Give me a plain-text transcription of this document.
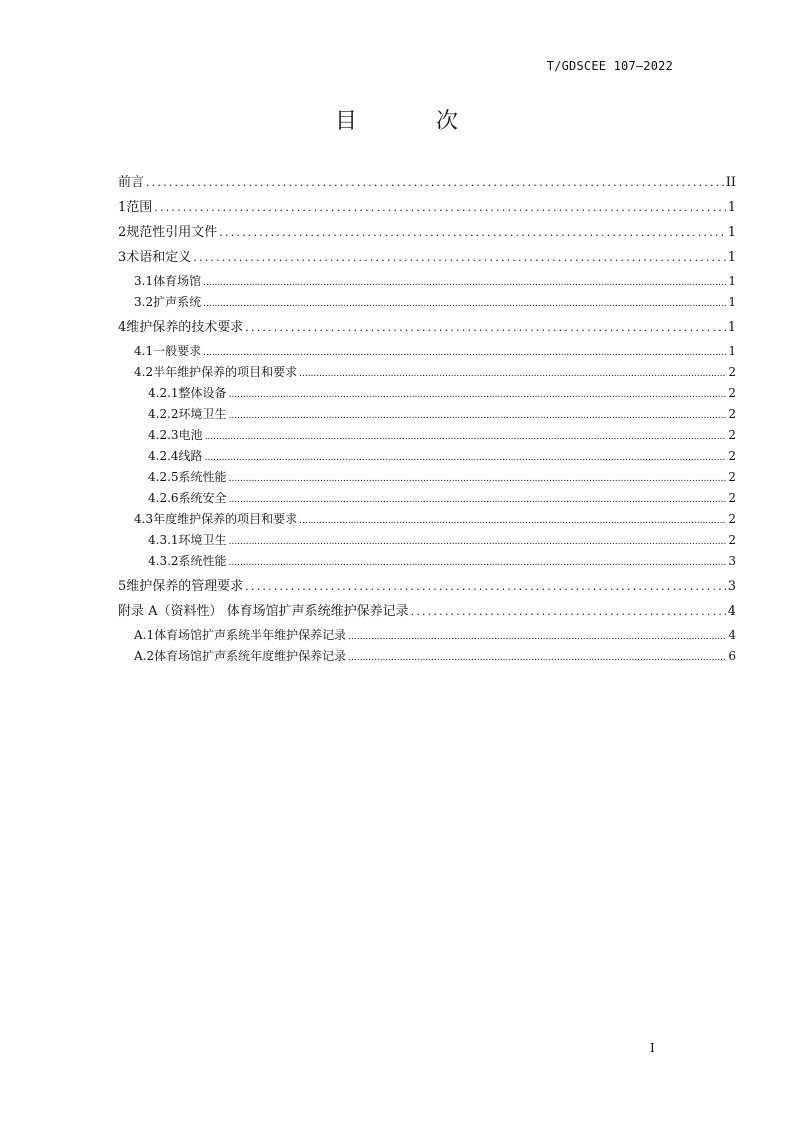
T/GDSCEE 107—2022
目 次
前言 .....	II
1 范围 .....	1
2 规范性引用文件 .....	1
3 术语和定义 .....	1
3.1 体育场馆 .....	1
3.2 扩声系统 .....	1
4 维护保养的技术要求 .....	1
4.1 一般要求 .....	1
4.2 半年维护保养的项目和要求 .....	2
4.2.1 整体设备 .....	2
4.2.2 环境卫生 .....	2
4.2.3 电池 .....	2
4.2.4 线路 .....	2
4.2.5 系统性能 .....	2
4.2.6 系统安全 .....	2
4.3 年度维护保养的项目和要求 .....	2
4.3.1 环境卫生 .....	2
4.3.2 系统性能 .....	3
5 维护保养的管理要求 .....	3
附录 A（资料性） 体育场馆扩声系统维护保养记录 .....	4
A.1 体育场馆扩声系统半年维护保养记录 .....	4
A.2 体育场馆扩声系统年度维护保养记录 .....	6
I
